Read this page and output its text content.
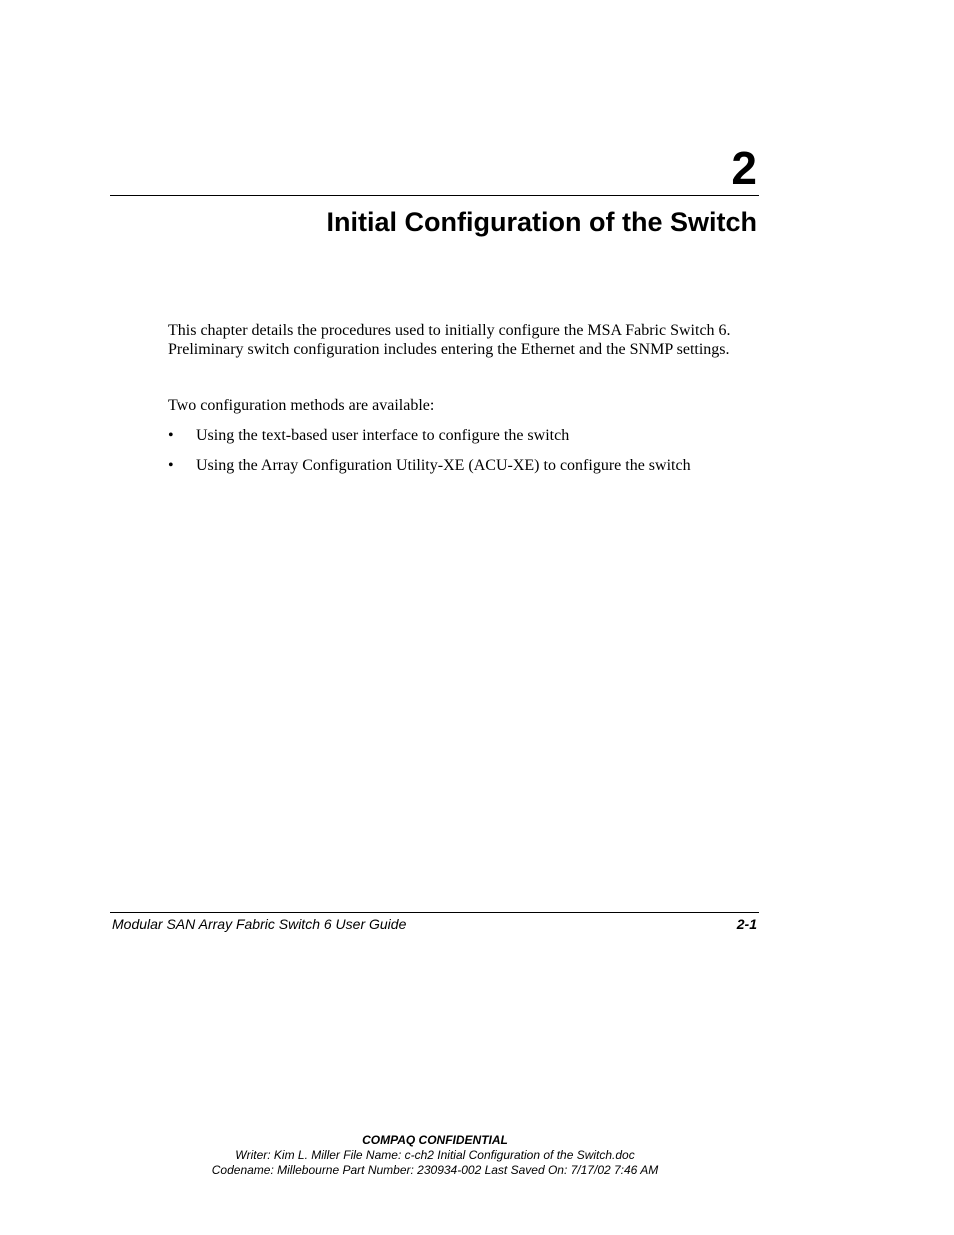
2
Initial Configuration of the Switch

This chapter details the procedures used to initially configure the MSA Fabric Switch 6. Preliminary switch configuration includes entering the Ethernet and the SNMP settings.

Two configuration methods are available:

• Using the text-based user interface to configure the switch
• Using the Array Configuration Utility-XE (ACU-XE) to configure the switch
Modular SAN Array Fabric Switch 6 User Guide	2-1
COMPAQ CONFIDENTIAL
Writer: Kim L. Miller File Name: c-ch2 Initial Configuration of the Switch.doc
Codename: Millebourne Part Number: 230934-002 Last Saved On: 7/17/02 7:46 AM
